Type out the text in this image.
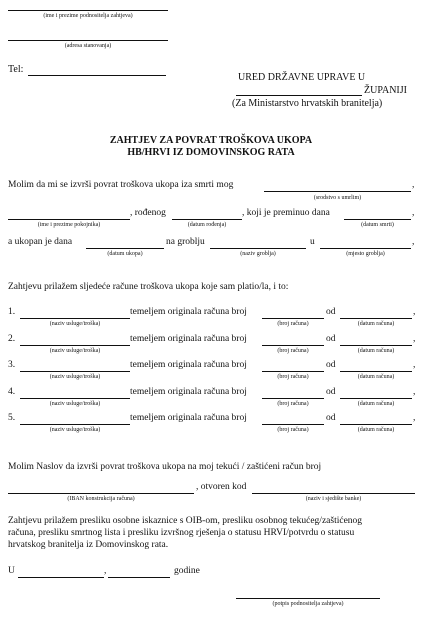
(ime i prezime podnositelja zahtjeva)
(adresa stanovanja)
Tel:
URED DRŽAVNE UPRAVE U
ŽUPANIJI
(Za Ministarstvo hrvatskih branitelja)
ZAHTJEV ZA POVRAT TROŠKOVA UKOPA
HB/HRVI IZ DOMOVINSKOG RATA
Molim da mi se izvrši povrat troškova ukopa iza smrti mog	,
(srodstvo s umrlim)
, rođenog	, koji je preminuo dana	,
(ime i prezime pokojnika)	(datum rođenja)	(datum smrti)
a ukopan je dana	na groblju	u	,
(datum ukopa)	(naziv groblja)	(mjesto groblja)
Zahtjevu prilažem sljedeće račune troškova ukopa koje sam platio/la, i to:
1.	temeljem originala računa broj	od	,
(naziv usluge/troška)	(broj računa)	(datum računa)
2.	temeljem originala računa broj	od	,
(naziv usluge/troška)	(broj računa)	(datum računa)
3.	temeljem originala računa broj	od	,
(naziv usluge/troška)	(broj računa)	(datum računa)
4.	temeljem originala računa broj	od	,
(naziv usluge/troška)	(broj računa)	(datum računa)
5.	temeljem originala računa broj	od	,
(naziv usluge/troška)	(broj računa)	(datum računa)
Molim Naslov da izvrši povrat troškova ukopa na moj tekući / zaštićeni račun broj
, otvoren kod
(IBAN konstrukcija računa)	(naziv i sjedište banke)
Zahtjevu prilažem presliku osobne iskaznice s OIB-om, presliku osobnog tekućeg/zaštićenog
računa, presliku smrtnog lista i presliku izvršnog rješenja o statusu HRVI/potvrdu o statusu
hrvatskog branitelja iz Domovinskog rata.
U	,	godine
(potpis podnositelja zahtjeva)
